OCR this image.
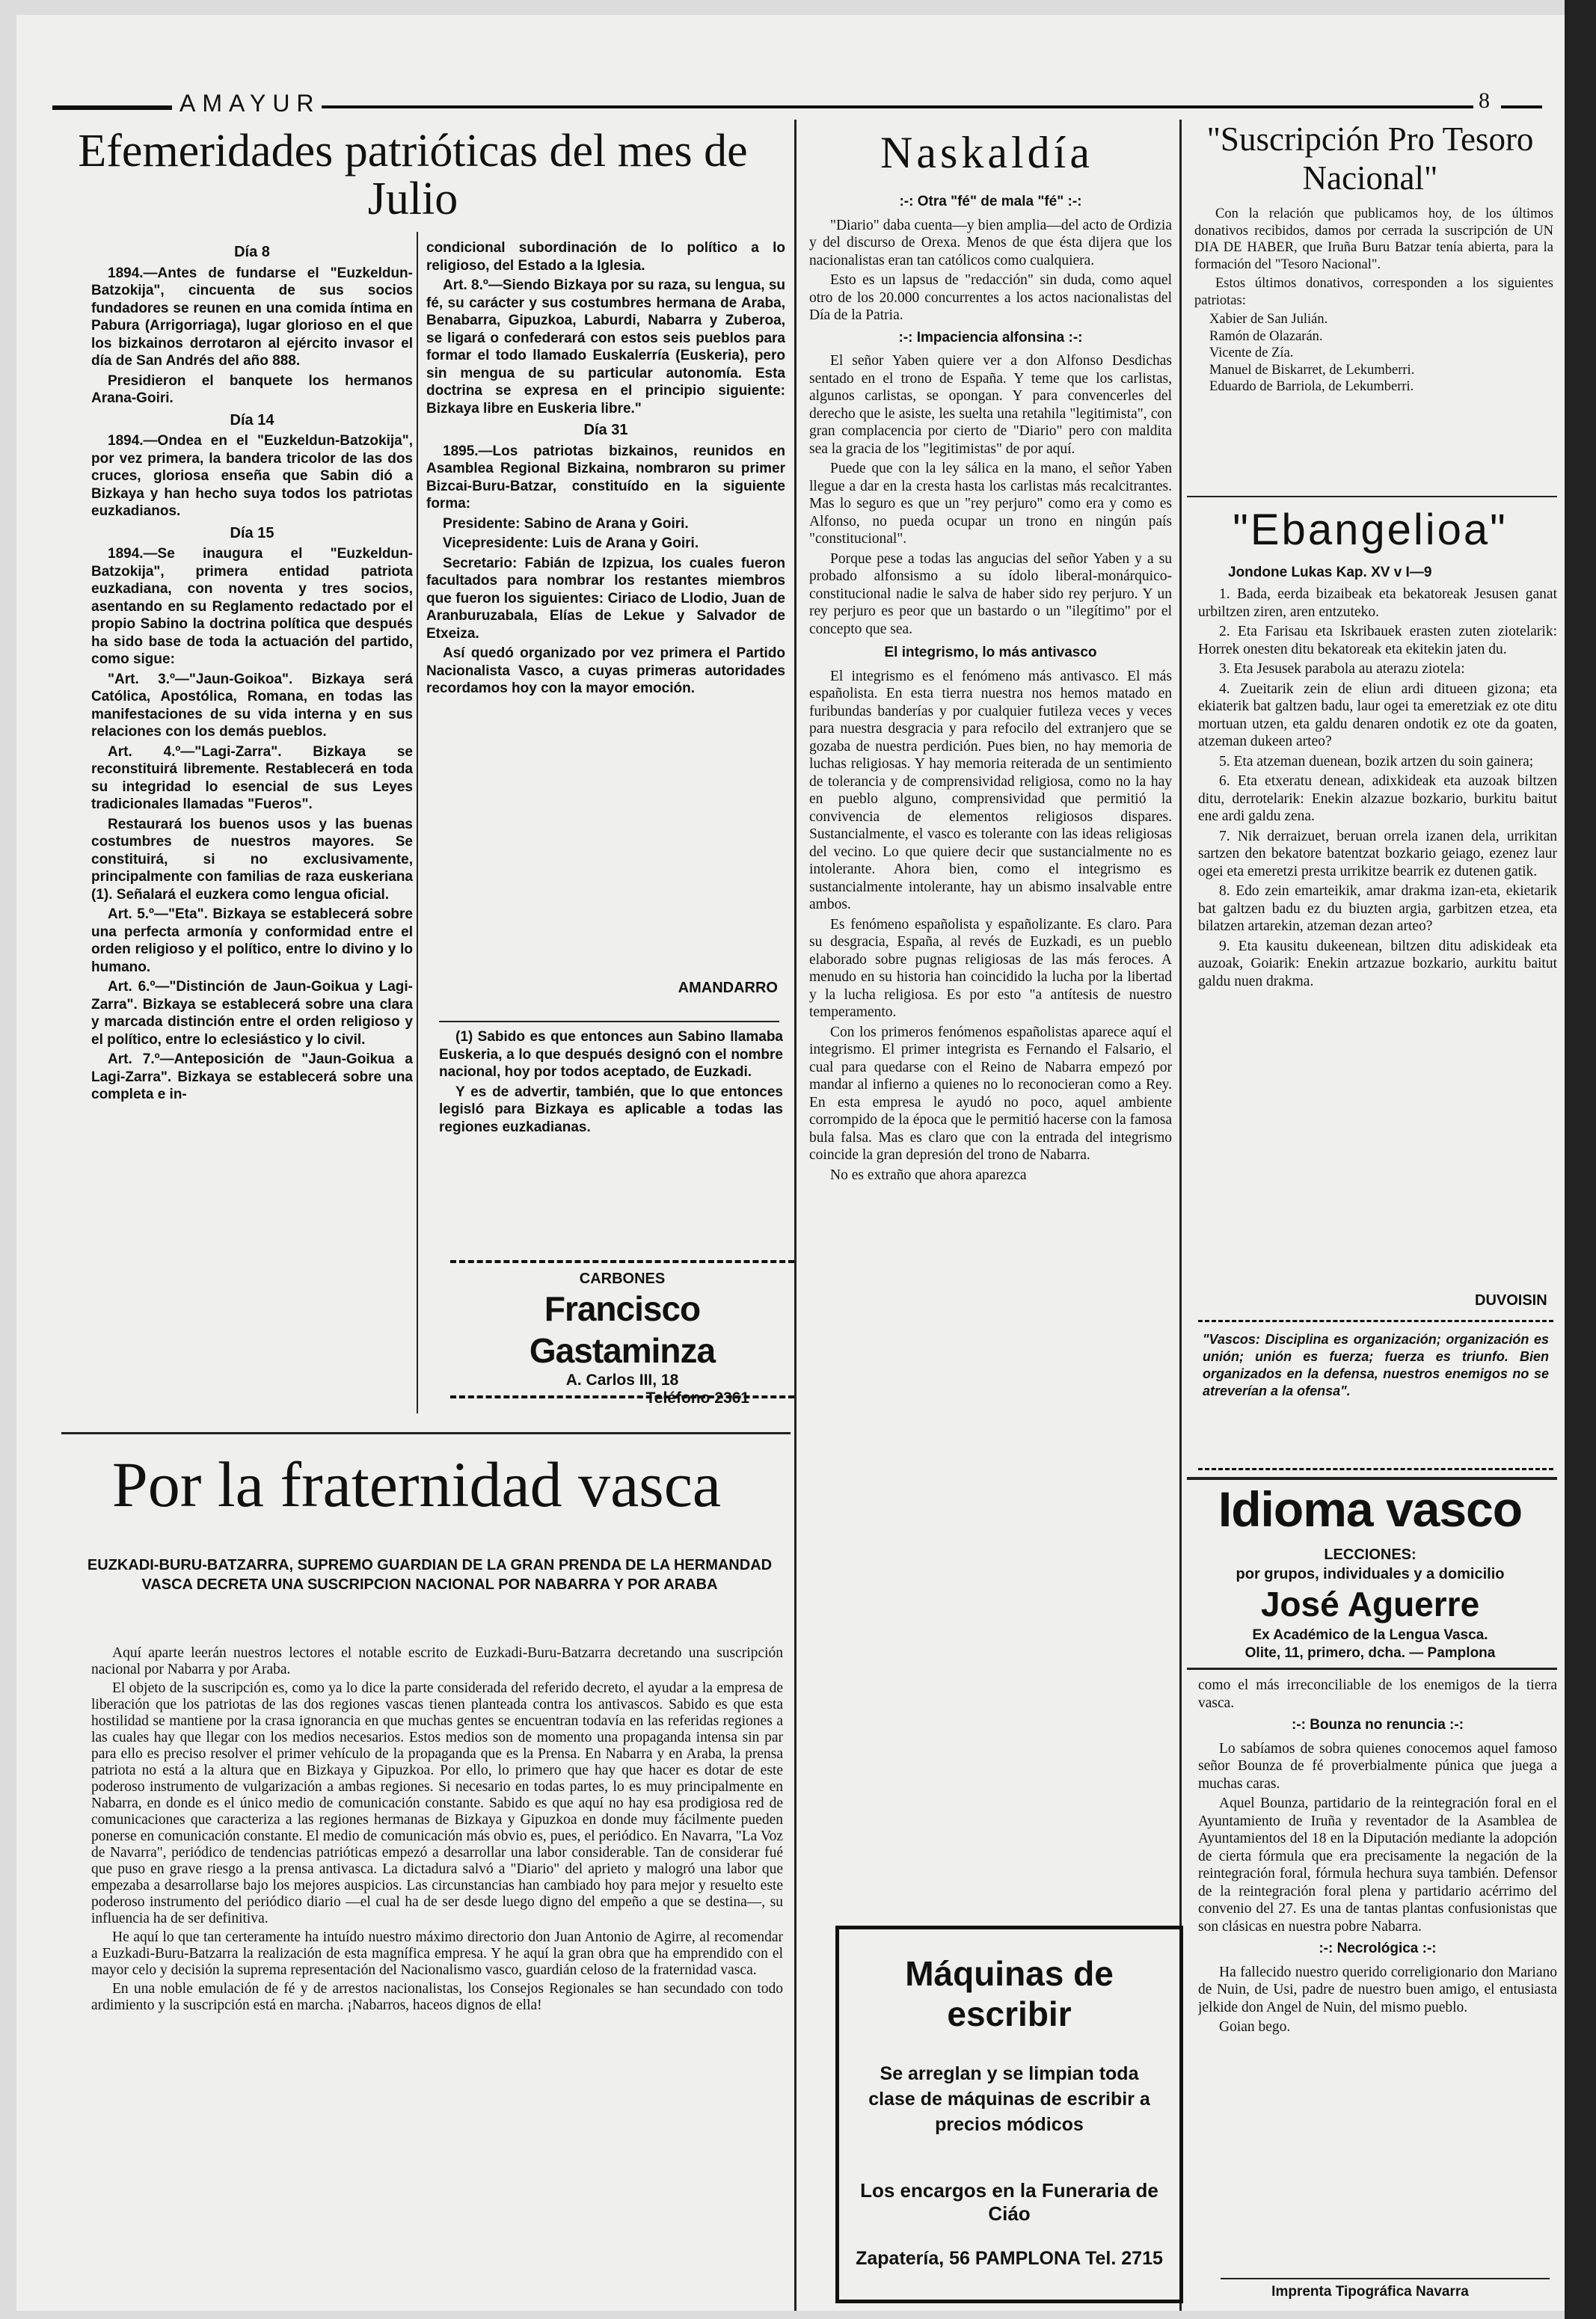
AMAYUR	8
Efemeridades patrióticas del mes de Julio
Día 8

1894.—Antes de fundarse el "Euzkeldun-Batzokija", cincuenta de sus socios fundadores se reunen en una comida íntima en Pabura (Arrigorriaga), lugar glorioso en el que los bizkainos derrotaron al ejército invasor el día de San Andrés del año 888.

Presidieron el banquete los hermanos Arana-Goiri.

Día 14

1894.—Ondea en el "Euzkeldun-Batzokija", por vez primera, la bandera tricolor de las dos cruces, gloriosa enseña que Sabin dió a Bizkaya y han hecho suya todos los patriotas euzkadianos.

Día 15

1894.—Se inaugura el "Euzkeldun-Batzokija", primera entidad patriota euzkadiana, con noventa y tres socios, asentando en su Reglamento redactado por el propio Sabino la doctrina política que después ha sido base de toda la actuación del partido, como sigue:

"Art. 3.º—"Jaun-Goikoa". Bizkaya será Católica, Apostólica, Romana, en todas las manifestaciones de su vida interna y en sus relaciones con los demás pueblos.

Art. 4.º—"Lagi-Zarra". Bizkaya se reconstituirá libremente. Restablecerá en toda su integridad lo esencial de sus Leyes tradicionales llamadas "Fueros".

Restaurará los buenos usos y las buenas costumbres de nuestros mayores. Se constituirá, si no exclusivamente, principalmente con familias de raza euskeriana (1). Señalará el euzkera como lengua oficial.

Art. 5.º—"Eta". Bizkaya se establecerá sobre una perfecta armonía y conformidad entre el orden religioso y el político, entre lo divino y lo humano.

Art. 6.º—"Distinción de Jaun-Goikua y Lagi-Zarra". Bizkaya se establecerá sobre una clara y marcada distinción entre el orden religioso y el político, entre lo eclesiástico y lo civil.

Art. 7.º—Anteposición de "Jaun-Goikua a Lagi-Zarra". Bizkaya se establecerá sobre una completa e in-

condicional subordinación de lo político a lo religioso, del Estado a la Iglesia.

Art. 8.º—Siendo Bizkaya por su raza, su lengua, su fé, su carácter y sus costumbres hermana de Araba, Benabarra, Gipuzkoa, Laburdi, Nabarra y Zuberoa, se ligará o confederará con estos seis pueblos para formar el todo llamado Euskalerría (Euskeria), pero sin mengua de su particular autonomía. Esta doctrina se expresa en el principio siguiente: Bizkaya libre en Euskeria libre."

Día 31

1895.—Los patriotas bizkainos, reunidos en Asamblea Regional Bizkaina, nombraron su primer Bizcai-Buru-Batzar, constituído en la siguiente forma:

Presidente: Sabino de Arana y Goiri.

Vicepresidente: Luis de Arana y Goiri.

Secretario: Fabián de Izpizua, los cuales fueron facultados para nombrar los restantes miembros que fueron los siguientes: Ciriaco de Llodio, Juan de Aranburuzabala, Elías de Lekue y Salvador de Etxeiza.

Así quedó organizado por vez primera el Partido Nacionalista Vasco, a cuyas primeras autoridades recordamos hoy con la mayor emoción.

AMANDARRO

(1) Sabido es que entonces aun Sabino llamaba Euskeria, a lo que después designó con el nombre nacional, hoy por todos aceptado, de Euzkadi.

Y es de advertir, también, que lo que entonces legisló para Bizkaya es aplicable a todas las regiones euzkadianas.

CARBONES
Francisco Gastaminza
A. Carlos III, 18
Teléfono 2361
Por la fraternidad vasca
EUZKADI-BURU-BATZARRA, SUPREMO GUARDIAN DE LA GRAN PRENDA DE LA HERMANDAD VASCA DECRETA UNA SUSCRIPCION NACIONAL POR NABARRA Y POR ARABA

Aquí aparte leerán nuestros lectores el notable escrito de Euzkadi-Buru-Batzarra decretando una suscripción nacional por Nabarra y por Araba.

El objeto de la suscripción es, como ya lo dice la parte considerada del referido decreto, el ayudar a la empresa de liberación que los patriotas de las dos regiones vascas tienen planteada contra los antivascos. Sabido es que esta hostilidad se mantiene por la crasa ignorancia en que muchas gentes se encuentran todavía en las referidas regiones a las cuales hay que llegar con los medios necesarios. Estos medios son de momento una propaganda intensa sin par para ello es preciso resolver el primer vehículo de la propaganda que es la Prensa. En Nabarra y en Araba, la prensa patriota no está a la altura que en Bizkaya y Gipuzkoa. Por ello, lo primero que hay que hacer es dotar de este poderoso instrumento de vulgarización a ambas regiones. Si necesario en todas partes, lo es muy principalmente en Nabarra, en donde es el único medio de comunicación constante. Sabido es que aquí no hay esa prodigiosa red de comunicaciones que caracteriza a las regiones hermanas de Bizkaya y Gipuzkoa en donde muy fácilmente pueden ponerse en comunicación constante. El medio de comunicación más obvio es, pues, el periódico. En Navarra, "La Voz de Navarra", periódico de tendencias patrióticas empezó a desarrollar una labor considerable. Tan de considerar fué que puso en grave riesgo a la prensa antivasca. La dictadura salvó a "Diario" del aprieto y malogró una labor que empezaba a desarrollarse bajo los mejores auspicios. Las circunstancias han cambiado hoy para mejor y resuelto este poderoso instrumento del periódico diario —el cual ha de ser desde luego digno del empeño a que se destina—, su influencia ha de ser definitiva.

He aquí lo que tan certeramente ha intuído nuestro máximo directorio don Juan Antonio de Agirre, al recomendar a Euzkadi-Buru-Batzarra la realización de esta magnífica empresa. Y he aquí la gran obra que ha emprendido con el mayor celo y decisión la suprema representación del Nacionalismo vasco, guardián celoso de la fraternidad vasca.

En una noble emulación de fé y de arrestos nacionalistas, los Consejos Regionales se han secundado con todo ardimiento y la suscripción está en marcha. ¡Nabarros, haceos dignos de ella!

Naskaldía
:-: Otra "fé" de mala "fé" :-:

"Diario" daba cuenta—y bien amplia—del acto de Ordizia y del discurso de Orexa. Menos de que ésta dijera que los nacionalistas eran tan católicos como cualquiera.

Esto es un lapsus de "redacción" sin duda, como aquel otro de los 20.000 concurrentes a los actos nacionalistas del Día de la Patria.

:-: Impaciencia alfonsina :-:

El señor Yaben quiere ver a don Alfonso Desdichas sentado en el trono de España. Y teme que los carlistas, algunos carlistas, se opongan. Y para convencerles del derecho que le asiste, les suelta una retahila "legitimista", con gran complacencia por cierto de "Diario" pero con maldita sea la gracia de los "legitimistas" de por aquí.

Puede que con la ley sálica en la mano, el señor Yaben llegue a dar en la cresta hasta los carlistas más recalcitrantes. Mas lo seguro es que un "rey perjuro" como era y como es Alfonso, no pueda ocupar un trono en ningún país "constitucional".

Porque pese a todas las angucias del señor Yaben y a su probado alfonsismo a su ídolo liberal-monárquico-constitucional nadie le salva de haber sido rey perjuro. Y un rey perjuro es peor que un bastardo o un "ilegítimo" por el concepto que sea.

El integrismo, lo más antivasco

El integrismo es el fenómeno más antivasco. El más españolista. En esta tierra nuestra nos hemos matado en furibundas banderías y por cualquier futileza veces y veces para nuestra desgracia y para refocilo del extranjero que se gozaba de nuestra perdición. Pues bien, no hay memoria de luchas religiosas. Y hay memoria reiterada de un sentimiento de tolerancia y de comprensividad religiosa, como no la hay en pueblo alguno, comprensividad que permitió la convivencia de elementos religiosos dispares. Sustancialmente, el vasco es tolerante con las ideas religiosas del vecino. Lo que quiere decir que sustancialmente no es intolerante. Ahora bien, como el integrismo es sustancialmente intolerante, hay un abismo insalvable entre ambos.

Es fenómeno españolista y españolizante. Es claro. Para su desgracia, España, al revés de Euzkadi, es un pueblo elaborado sobre pugnas religiosas de las más feroces. A menudo en su historia han coincidido la lucha por la libertad y la lucha religiosa. Es por esto "a antítesis de nuestro temperamento.

Con los primeros fenómenos españolistas aparece aquí el integrismo. El primer integrista es Fernando el Falsario, el cual para quedarse con el Reino de Nabarra empezó por mandar al infierno a quienes no lo reconocieran como a Rey. En esta empresa le ayudó no poco, aquel ambiente corrompido de la época que le permitió hacerse con la famosa bula falsa. Mas es claro que con la entrada del integrismo coincide la gran depresión del trono de Nabarra.

No es extraño que ahora aparezca

Máquinas de escribir
Se arreglan y se limpian toda clase de máquinas de escribir a precios módicos
Los encargos en la Funeraria de Ciáo
Zapatería, 56 PAMPLONA Tel. 2715
"Suscripción Pro Tesoro Nacional"

Con la relación que publicamos hoy, de los últimos donativos recibidos, damos por cerrada la suscripción de UN DIA DE HABER, que Iruña Buru Batzar tenía abierta, para la formación del "Tesoro Nacional".

Estos últimos donativos, corresponden a los siguientes patriotas:

Xabier de San Julián.
Ramón de Olazarán.
Vicente de Zía.
Manuel de Biskarret, de Lekumberri.
Eduardo de Barriola, de Lekumberri.
"Ebangelioa"
Jondone Lukas Kap. XV v I—9

1. Bada, eerda bizaibeak eta bekatoreak Jesusen ganat urbiltzen ziren, aren entzuteko.

2. Eta Farisau eta Iskribauek erasten zuten ziotelarik: Horrek onesten ditu bekatoreak eta ekitekin jaten du.

3. Eta Jesusek parabola au aterazu ziotela:

4. Zueitarik zein de eliun ardi ditueen gizona; eta ekiaterik bat galtzen badu, laur ogei ta emeretziak ez ote ditu mortuan utzen, eta galdu denaren ondotik ez ote da goaten, atzeman dukeen arteo?

5. Eta atzeman duenean, bozik artzen du soin gainera;

6. Eta etxeratu denean, adixkideak eta auzoak biltzen ditu, derrotelarik: Enekin alzazue bozkario, burkitu baitut ene ardi galdu zena.

7. Nik derraizuet, beruan orrela izanen dela, urrikitan sartzen den bekatore batentzat bozkario geiago, ezenez laur ogei eta emeretzi presta urrikitze bearrik ez dutenen gatik.

8. Edo zein emarteikik, amar drakma izan-eta, ekietarik bat galtzen badu ez du biuzten argia, garbitzen etzea, eta bilatzen artarekin, atzeman dezan arteo?

9. Eta kausitu dukeenean, biltzen ditu adiskideak eta auzoak, Goiarik: Enekin artzazue bozkario, aurkitu baitut galdu nuen drakma.

DUVOISIN
"Vascos: Disciplina es organización; organización es unión; unión es fuerza; fuerza es triunfo. Bien organizados en la defensa, nuestros enemigos no se atreverían a la ofensa".
Idioma vasco
LECCIONES:
por grupos, individuales y a domicilio
José Aguerre
Ex Académico de la Lengua Vasca.
Olite, 11, primero, dcha. — Pamplona

como el más irreconciliable de los enemigos de la tierra vasca.

:-: Bounza no renuncia :-:

Lo sabíamos de sobra quienes conocemos aquel famoso señor Bounza de fé proverbialmente púnica que juega a muchas caras.

Aquel Bounza, partidario de la reintegración foral en el Ayuntamiento de Iruña y reventador de la Asamblea de Ayuntamientos del 18 en la Diputación mediante la adopción de cierta fórmula que era precisamente la negación de la reintegración foral, fórmula hechura suya también. Defensor de la reintegración foral plena y partidario acérrimo del convenio del 27. Es una de tantas plantas confusionistas que son clásicas en nuestra pobre Nabarra.

:-: Necrológica :-:

Ha fallecido nuestro querido correligionario don Mariano de Nuin, de Usi, padre de nuestro buen amigo, el entusiasta jelkide don Angel de Nuin, del mismo pueblo.

Goian bego.

Imprenta Tipográfica Navarra
